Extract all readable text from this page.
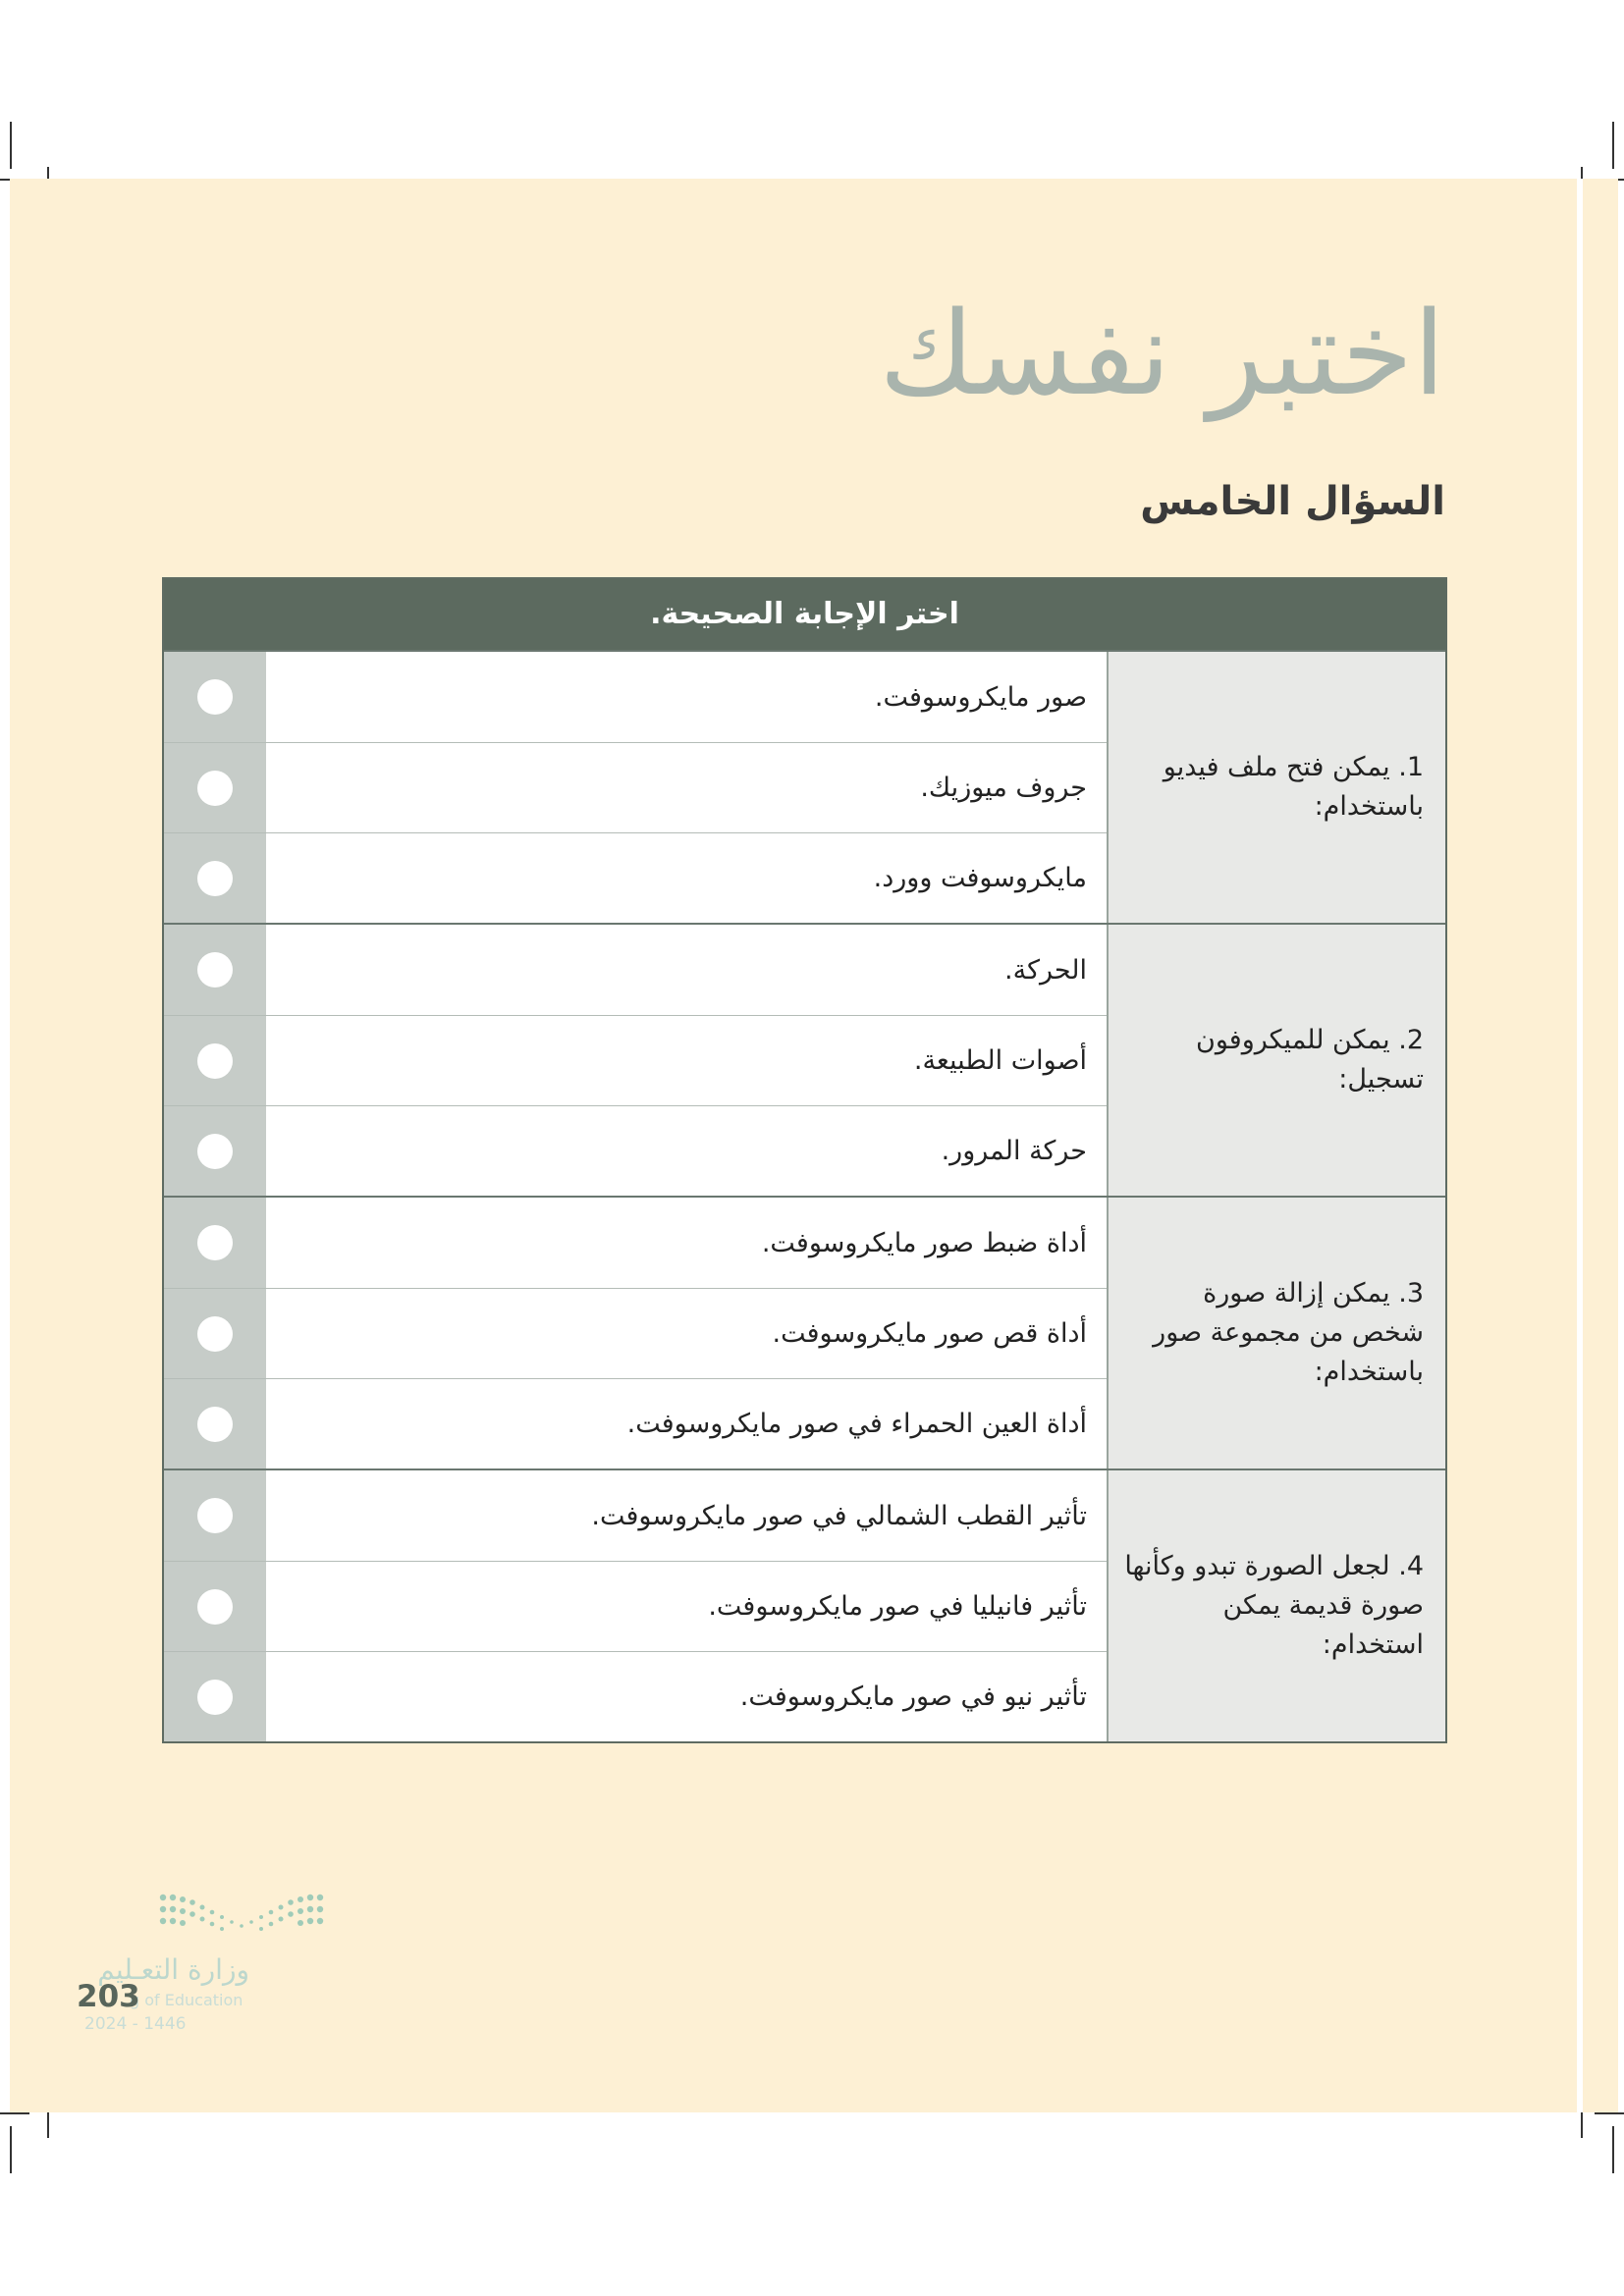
اختبر نفسك
السؤال الخامس
اختر الإجابة الصحيحة.
1. يمكن فتح ملف فيديو باستخدام:
صور مايكروسوفت.
جروف ميوزيك.
مايكروسوفت وورد.
2. يمكن للميكروفون تسجيل:
الحركة.
أصوات الطبيعة.
حركة المرور.
3. يمكن إزالة صورة شخص من مجموعة صور باستخدام:
أداة ضبط صور مايكروسوفت.
أداة قص صور مايكروسوفت.
أداة العين الحمراء في صور مايكروسوفت.
4. لجعل الصورة تبدو وكأنها صورة قديمة يمكن استخدام:
تأثير القطب الشمالي في صور مايكروسوفت.
تأثير فانيليا في صور مايكروسوفت.
تأثير نيو في صور مايكروسوفت.
وزارة التعـليم
g of Education
2024 - 1446
203
